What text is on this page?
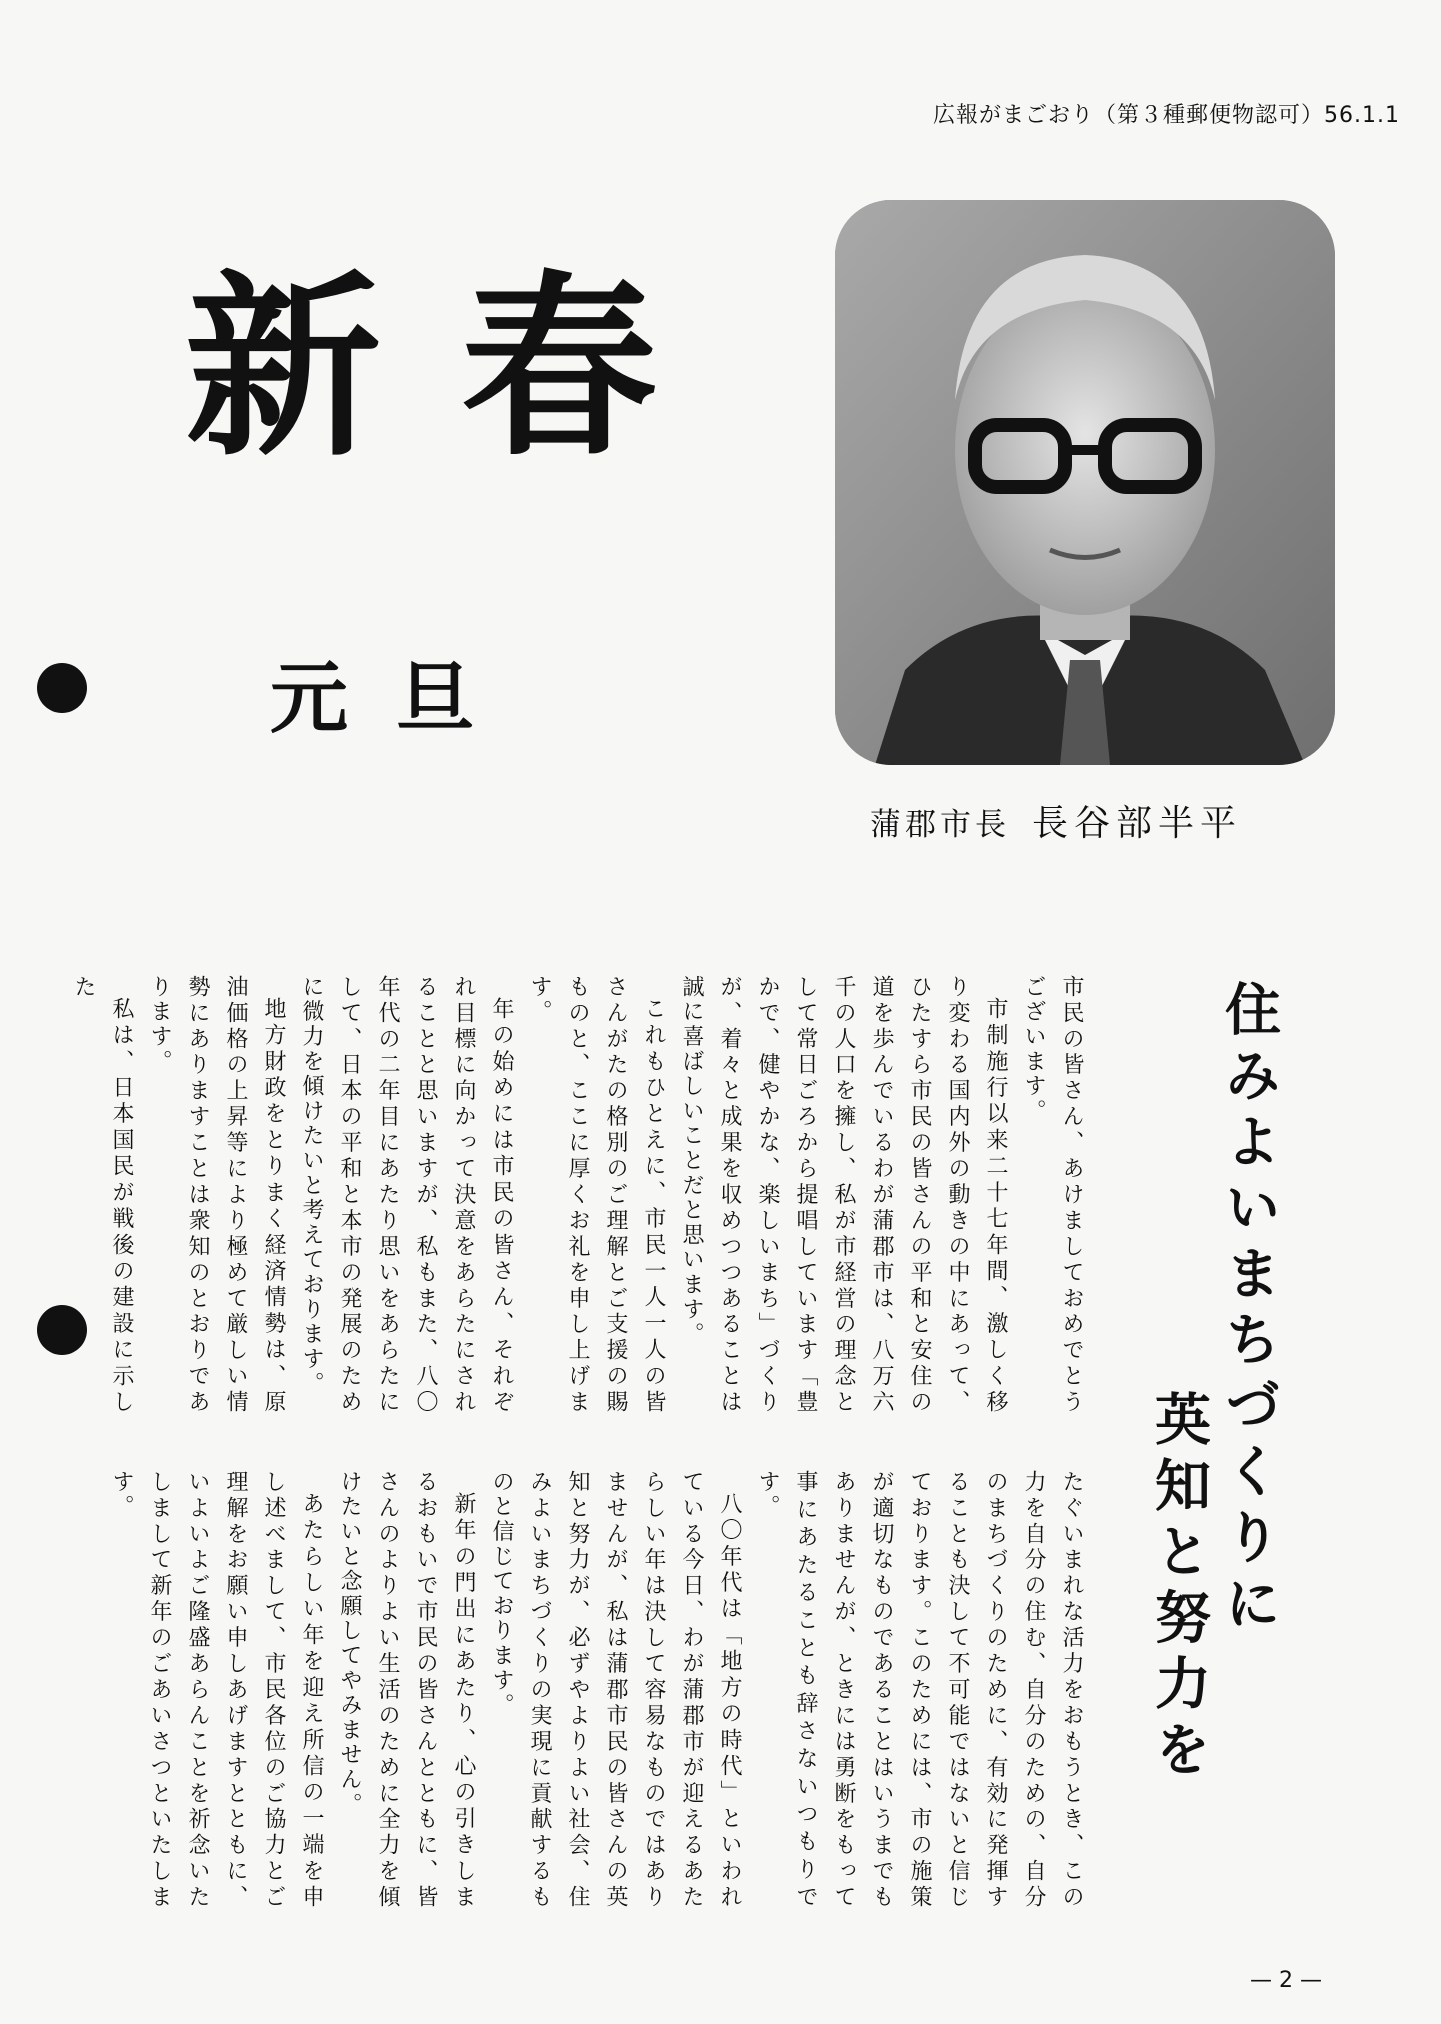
広報がまごおり（第３種郵便物認可）56.1.1
新春
元旦
蒲郡市長 長谷部半平
住みよいまちづくりに
英知と努力を

市民の皆さん、あけましておめでとうございます。

市制施行以来二十七年間、激しく移り変わる国内外の動きの中にあって、ひたすら市民の皆さんの平和と安住の道を歩んでいるわが蒲郡市は、八万六千の人口を擁し、私が市経営の理念として常日ごろから提唱しています「豊かで、健やかな、楽しいまち」づくりが、着々と成果を収めつつあることは誠に喜ばしいことだと思います。

これもひとえに、市民一人一人の皆さんがたの格別のご理解とご支援の賜ものと、ここに厚くお礼を申し上げます。

年の始めには市民の皆さん、それぞれ目標に向かって決意をあらたにされることと思いますが、私もまた、八〇年代の二年目にあたり思いをあらたにして、日本の平和と本市の発展のために微力を傾けたいと考えております。

地方財政をとりまく経済情勢は、原油価格の上昇等により極めて厳しい情勢にありますことは衆知のとおりであります。

私は、日本国民が戦後の建設に示した

たぐいまれな活力をおもうとき、この力を自分の住む、自分のための、自分のまちづくりのために、有効に発揮することも決して不可能ではないと信じております。このためには、市の施策が適切なものであることはいうまでもありませんが、ときには勇断をもって事にあたることも辞さないつもりです。

八〇年代は「地方の時代」といわれている今日、わが蒲郡市が迎えるあたらしい年は決して容易なものではありませんが、私は蒲郡市民の皆さんの英知と努力が、必ずやよりよい社会、住みよいまちづくりの実現に貢献するものと信じております。

新年の門出にあたり、心の引きしまるおもいで市民の皆さんとともに、皆さんのよりよい生活のために全力を傾けたいと念願してやみません。

あたらしい年を迎え所信の一端を申し述べまして、市民各位のご協力とご理解をお願い申しあげますとともに、いよいよご隆盛あらんことを祈念いたしまして新年のごあいさつといたします。

— 2 —
